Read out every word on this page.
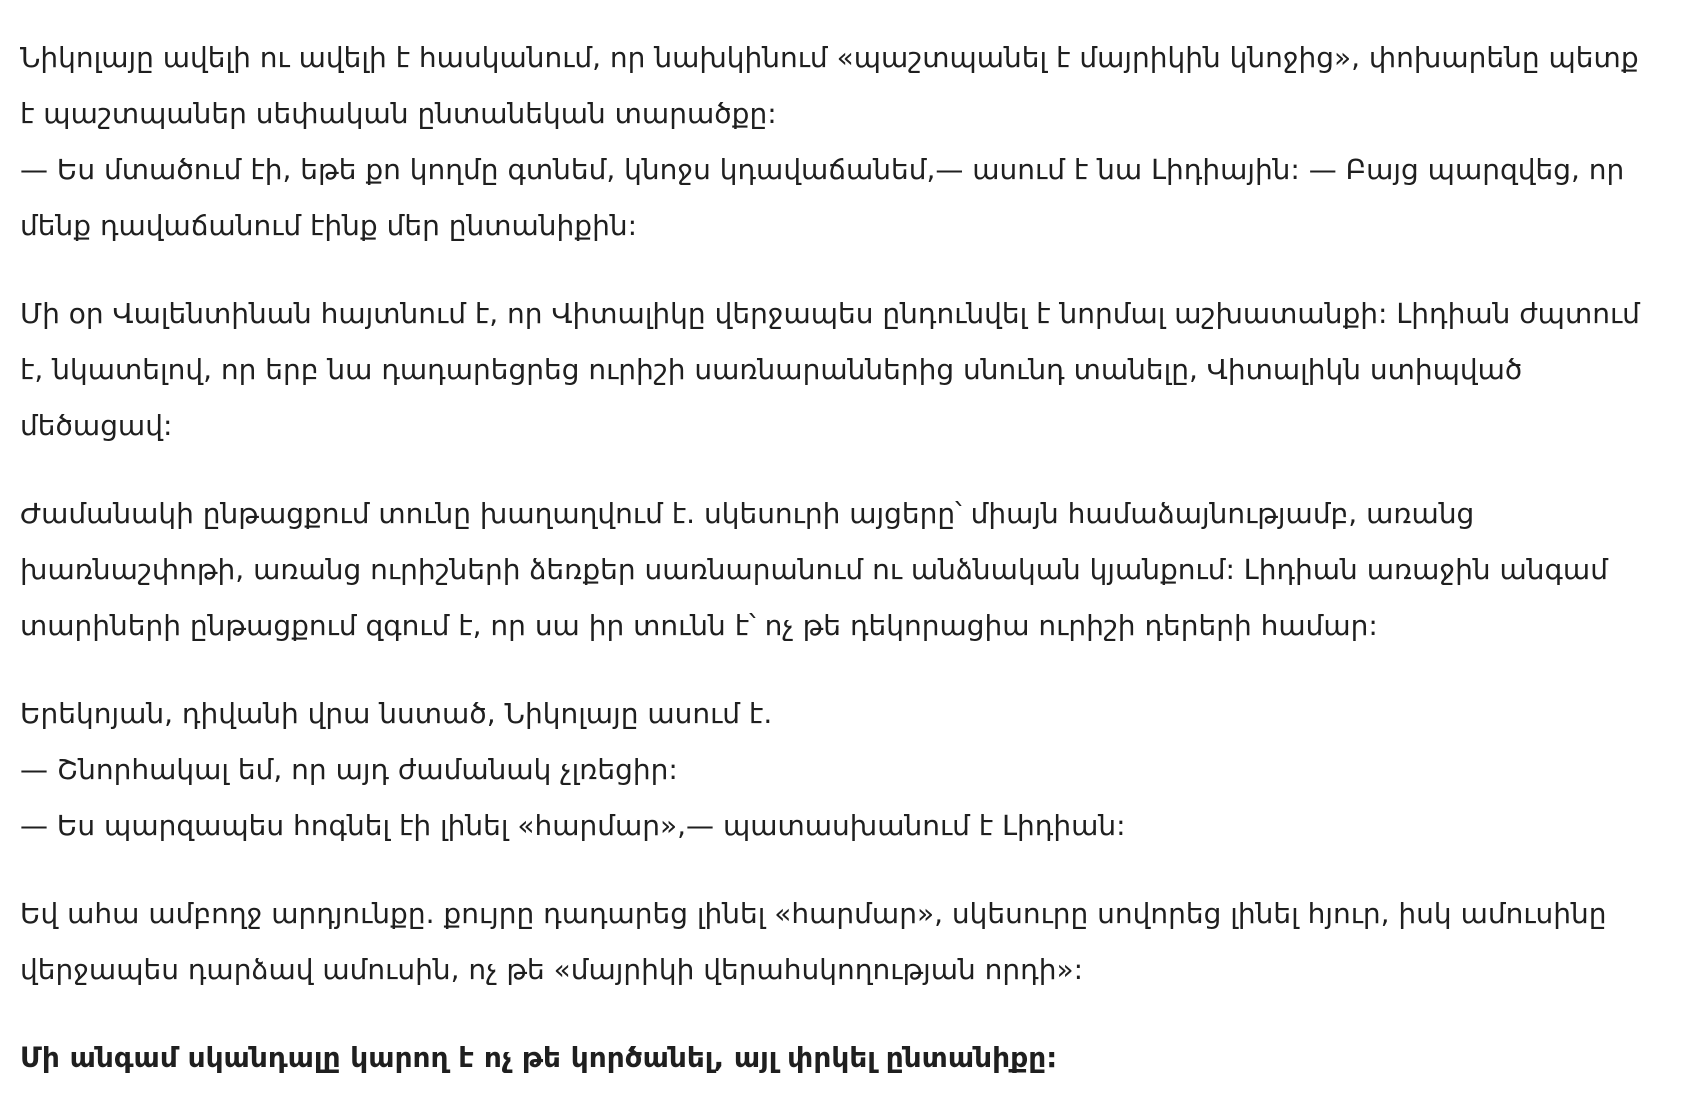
Նիկոլայը ավելի ու ավելի է հասկանում, որ նախկինում «պաշտպանել է մայրիկին կնոջից», փոխարենը պետք է պաշտպաներ սեփական ընտանեկան տարածքը:
— Ես մտածում էի, եթե քո կողմը գտնեմ, կնոջս կդավաճանեմ,— ասում է նա Լիդիային: — Բայց պարզվեց, որ մենք դավաճանում էինք մեր ընտանիքին:

Մի օր Վալենտինան հայտնում է, որ Վիտալիկը վերջապես ընդունվել է նորմալ աշխատանքի: Լիդիան ժպտում է, նկատելով, որ երբ նա դադարեցրեց ուրիշի սառնարաններից սնունդ տանելը, Վիտալիկն ստիպված մեծացավ:

Ժամանակի ընթացքում տունը խաղաղվում է. սկեսուրի այցերը՝ միայն համաձայնությամբ, առանց խառնաշփոթի, առանց ուրիշների ձեռքեր սառնարանում ու անձնական կյանքում: Լիդիան առաջին անգամ տարիների ընթացքում զգում է, որ սա իր տունն է՝ ոչ թե դեկորացիա ուրիշի դերերի համար:

Երեկոյան, դիվանի վրա նստած, Նիկոլայը ասում է.
— Շնորհակալ եմ, որ այդ ժամանակ չլռեցիր:
— Ես պարզապես հոգնել էի լինել «հարմար»,— պատասխանում է Լիդիան:

Եվ ահա ամբողջ արդյունքը. քույրը դադարեց լինել «հարմար», սկեսուրը սովորեց լինել հյուր, իսկ ամուսինը վերջապես դարձավ ամուսին, ոչ թե «մայրիկի վերահսկողության որդի»:

Մի անգամ սկանդալը կարող է ոչ թե կործանել, այլ փրկել ընտանիքը:
